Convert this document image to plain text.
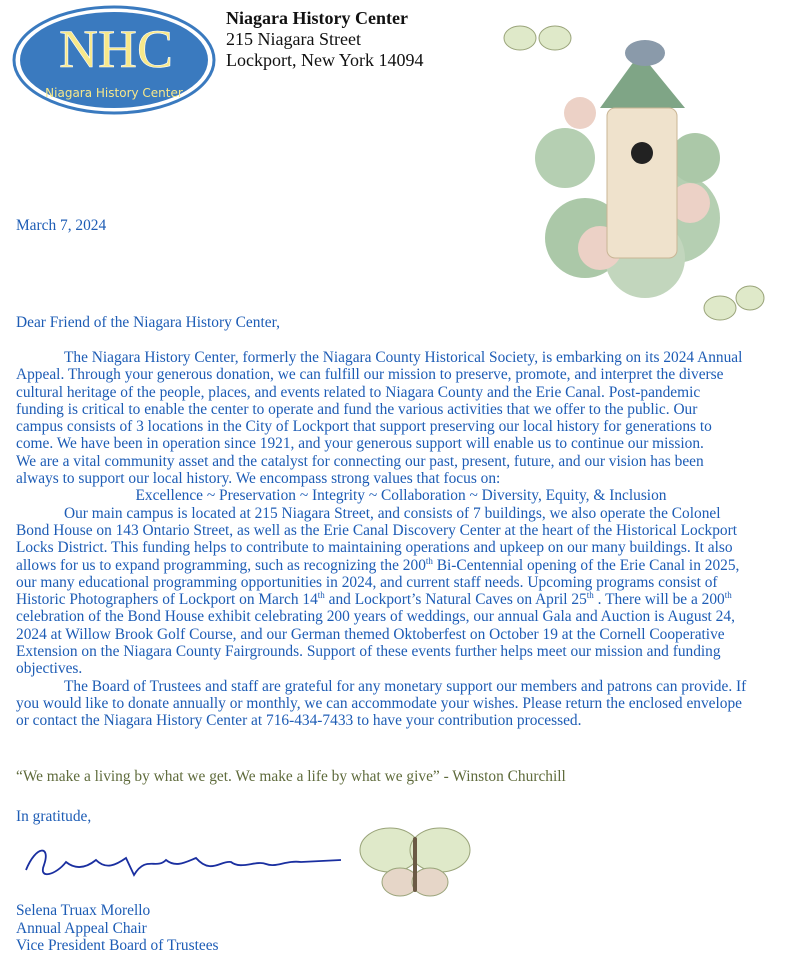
NHC
Niagara History Center
Niagara History Center
215 Niagara Street
Lockport, New York 14094
March 7, 2024
Dear Friend of the Niagara History Center,
The Niagara History Center, formerly the Niagara County Historical Society, is embarking on its 2024 Annual
Appeal. Through your generous donation, we can fulfill our mission to preserve, promote, and interpret the diverse
cultural heritage of the people, places, and events related to Niagara County and the Erie Canal. Post-pandemic
funding is critical to enable the center to operate and fund the various activities that we offer to the public. Our
campus consists of 3 locations in the City of Lockport that support preserving our local history for generations to
come. We have been in operation since 1921, and your generous support will enable us to continue our mission.
We are a vital community asset and the catalyst for connecting our past, present, future, and our vision has been
always to support our local history. We encompass strong values that focus on:
Excellence ~ Preservation ~ Integrity ~ Collaboration ~ Diversity, Equity, & Inclusion
Our main campus is located at 215 Niagara Street, and consists of 7 buildings, we also operate the Colonel
Bond House on 143 Ontario Street, as well as the Erie Canal Discovery Center at the heart of the Historical Lockport
Locks District. This funding helps to contribute to maintaining operations and upkeep on our many buildings. It also
allows for us to expand programming, such as recognizing the 200th Bi-Centennial opening of the Erie Canal in 2025,
our many educational programming opportunities in 2024, and current staff needs. Upcoming programs consist of
Historic Photographers of Lockport on March 14th and Lockport’s Natural Caves on April 25th . There will be a 200th
celebration of the Bond House exhibit celebrating 200 years of weddings, our annual Gala and Auction is August 24,
2024 at Willow Brook Golf Course, and our German themed Oktoberfest on October 19 at the Cornell Cooperative
Extension on the Niagara County Fairgrounds. Support of these events further helps meet our mission and funding
objectives.
The Board of Trustees and staff are grateful for any monetary support our members and patrons can provide. If
you would like to donate annually or monthly, we can accommodate your wishes. Please return the enclosed envelope
or contact the Niagara History Center at 716-434-7433 to have your contribution processed.
“We make a living by what we get. We make a life by what we give” - Winston Churchill
In gratitude,
Selena Truax Morello
Annual Appeal Chair
Vice President Board of Trustees
